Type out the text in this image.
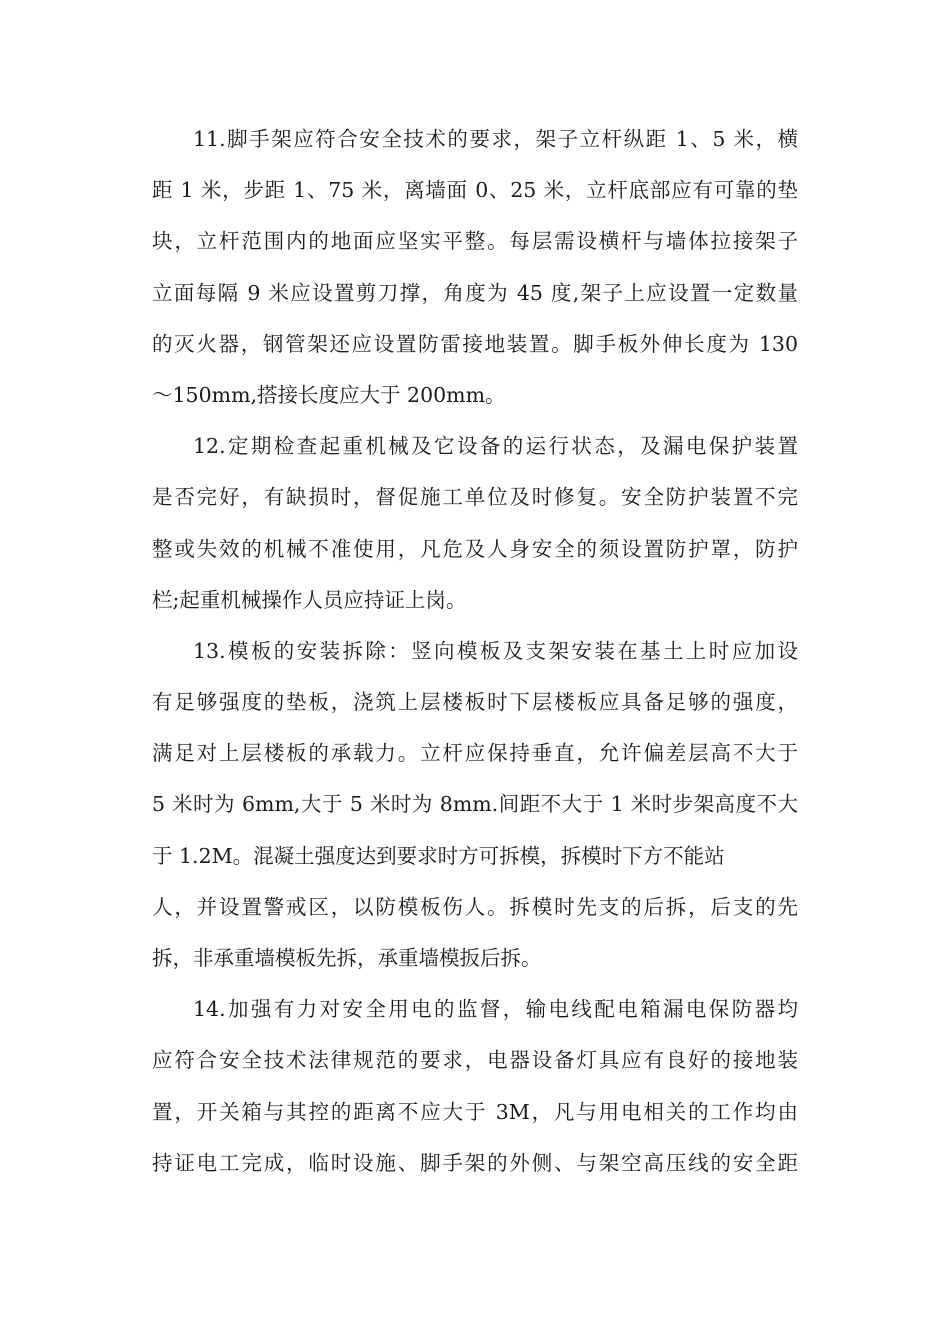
11.脚手架应符合安全技术的要求，架子立杆纵距 1、5 米，横
距 1 米，步距 1、75 米，离墙面 0、25 米，立杆底部应有可靠的垫
块，立杆范围内的地面应坚实平整。每层需设横杆与墙体拉接架子
立面每隔 9 米应设置剪刀撑，角度为 45 度,架子上应设置一定数量
的灭火器，钢管架还应设置防雷接地装置。脚手板外伸长度为 130
～150mm,搭接长度应大于 200mm。
12.定期检查起重机械及它设备的运行状态，及漏电保护装置
是否完好，有缺损时，督促施工单位及时修复。安全防护装置不完
整或失效的机械不准使用，凡危及人身安全的须设置防护罩，防护
栏;起重机械操作人员应持证上岗。
13.模板的安装拆除：竖向模板及支架安装在基土上时应加设
有足够强度的垫板，浇筑上层楼板时下层楼板应具备足够的强度，
满足对上层楼板的承载力。立杆应保持垂直，允许偏差层高不大于
5 米时为 6mm,大于 5 米时为 8mm.间距不大于 1 米时步架高度不大
于 1.2M。混凝土强度达到要求时方可拆模，拆模时下方不能站
人，并设置警戒区，以防模板伤人。拆模时先支的后拆，后支的先
拆，非承重墙模板先拆，承重墙模扳后拆。
14.加强有力对安全用电的监督，输电线配电箱漏电保防器均
应符合安全技术法律规范的要求，电器设备灯具应有良好的接地装
置，开关箱与其控的距离不应大于 3M，凡与用电相关的工作均由
持证电工完成，临时设施、脚手架的外侧、与架空高压线的安全距
